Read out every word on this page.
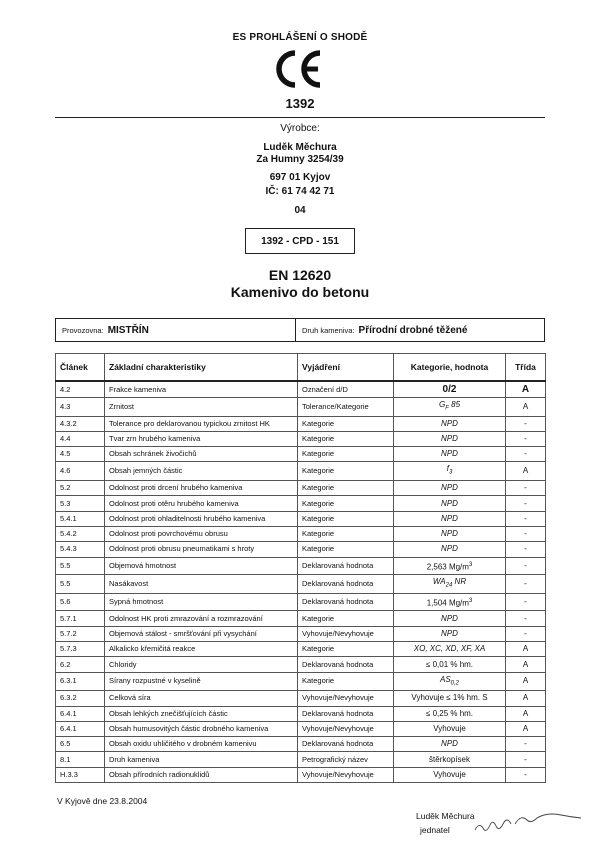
ES PROHLÁŠENÍ O SHODĚ
1392
Výrobce:
Luděk Měchura
Za Humny 3254/39
697 01 Kyjov
IČ: 61 74 42 71
04
1392 - CPD - 151
EN 12620
Kamenivo do betonu
Provozovna: MISTŘÍN	Druh kameniva: Přírodní drobné těžené
Článek	Základní charakteristiky	Vyjádření	Kategorie, hodnota	Třída
4.2	Frakce kameniva	Označení d/D	0/2	A
4.3	Zrnitost	Tolerance/Kategorie	$G_F$ 85	A
4.3.2	Tolerance pro deklarovanou typickou zrnitost HK	Kategorie	NPD	-
4.4	Tvar zrn hrubého kameniva	Kategorie	NPD	-
4.5	Obsah schránek živočichů	Kategorie	NPD	-
4.6	Obsah jemných částic	Kategorie	$f_3$	A
5.2	Odolnost proti drcení hrubého kameniva	Kategorie	NPD	-
5.3	Odolnost proti otěru hrubého kameniva	Kategorie	NPD	-
5.4.1	Odolnost proti ohladitelnosti hrubého kameniva	Kategorie	NPD	-
5.4.2	Odolnost proti povrchovému obrusu	Kategorie	NPD	-
5.4.3	Odolnost proti obrusu pneumatikami s hroty	Kategorie	NPD	-
5.5	Objemová hmotnost	Deklarovaná hodnota	2,563 $Mg/m^3$	-
5.5	Nasákavost	Deklarovaná hodnota	$WA_{24}$ NR	-
5.6	Sypná hmotnost	Deklarovaná hodnota	1,504 $Mg/m^3$	-
5.7.1	Odolnost HK proti zmrazování a rozmrazování	Kategorie	NPD	-
5.7.2	Objemová stálost - smršťování při vysychání	Vyhovuje/Nevyhovuje	NPD	-
5.7.3	Alkalicko křemičitá reakce	Kategorie	XO, XC, XD, XF, XA	A
6.2	Chloridy	Deklarovaná hodnota	≤ 0,01 % hm.	A
6.3.1	Sírany rozpustné v kyselině	Kategorie	$AS_{0,2}$	A
6.3.2	Celková síra	Vyhovuje/Nevyhovuje	Vyhovuje ≤ 1% hm. S	A
6.4.1	Obsah lehkých znečišťujících částic	Deklarovaná hodnota	≤ 0,25 % hm.	A
6.4.1	Obsah humusovitých částic drobného kameniva	Vyhovuje/Nevyhovuje	Vyhovuje	A
6.5	Obsah oxidu uhličitého v drobném kamenivu	Deklarovaná hodnota	NPD	-
8.1	Druh kameniva	Petrografický název	štěrkopísek	-
H.3.3	Obsah přírodních radionuklidů	Vyhovuje/Nevyhovuje	Vyhovuje	-
V Kyjově dne 23.8.2004
Luděk Měchura
jednatel
